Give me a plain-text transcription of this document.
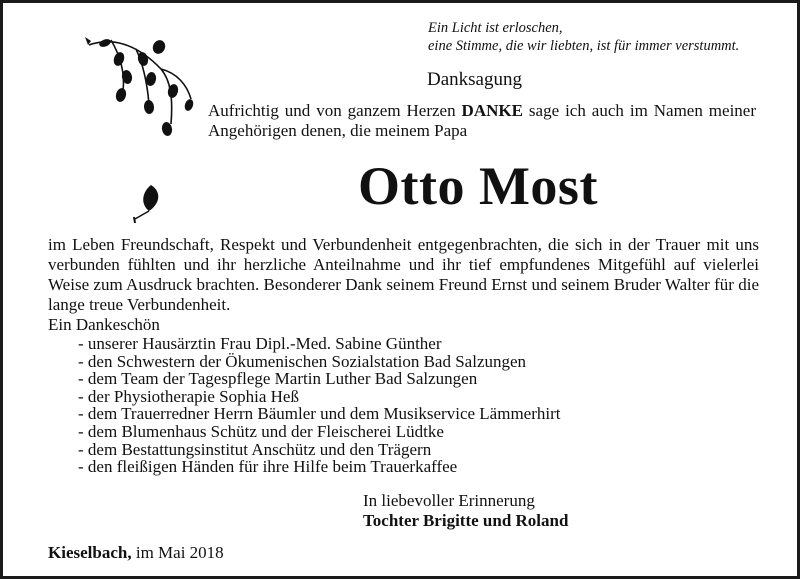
Ein Licht ist erloschen,
eine Stimme, die wir liebten, ist für immer verstummt.
Danksagung
Aufrichtig und von ganzem Herzen DANKE sage ich auch im Namen meiner Angehörigen denen, die meinem Papa
Otto Most
im Leben Freundschaft, Respekt und Verbundenheit entgegenbrachten, die sich in der Trauer mit uns verbunden fühlten und ihr herzliche Anteilnahme und ihr tief empfundenes Mitgefühl auf vielerlei Weise zum Ausdruck brachten. Besonderer Dank seinem Freund Ernst und seinem Bruder Walter für die lange treue Verbundenheit.
Ein Dankeschön
- unserer Hausärztin Frau Dipl.-Med. Sabine Günther
- den Schwestern der Ökumenischen Sozialstation Bad Salzungen
- dem Team der Tagespflege Martin Luther Bad Salzungen
- der Physiotherapie Sophia Heß
- dem Trauerredner Herrn Bäumler und dem Musikservice Lämmerhirt
- dem Blumenhaus Schütz und der Fleischerei Lüdtke
- dem Bestattungsinstitut Anschütz und den Trägern
- den fleißigen Händen für ihre Hilfe beim Trauerkaffee
In liebevoller Erinnerung
Tochter Brigitte und Roland
Kieselbach, im Mai 2018
